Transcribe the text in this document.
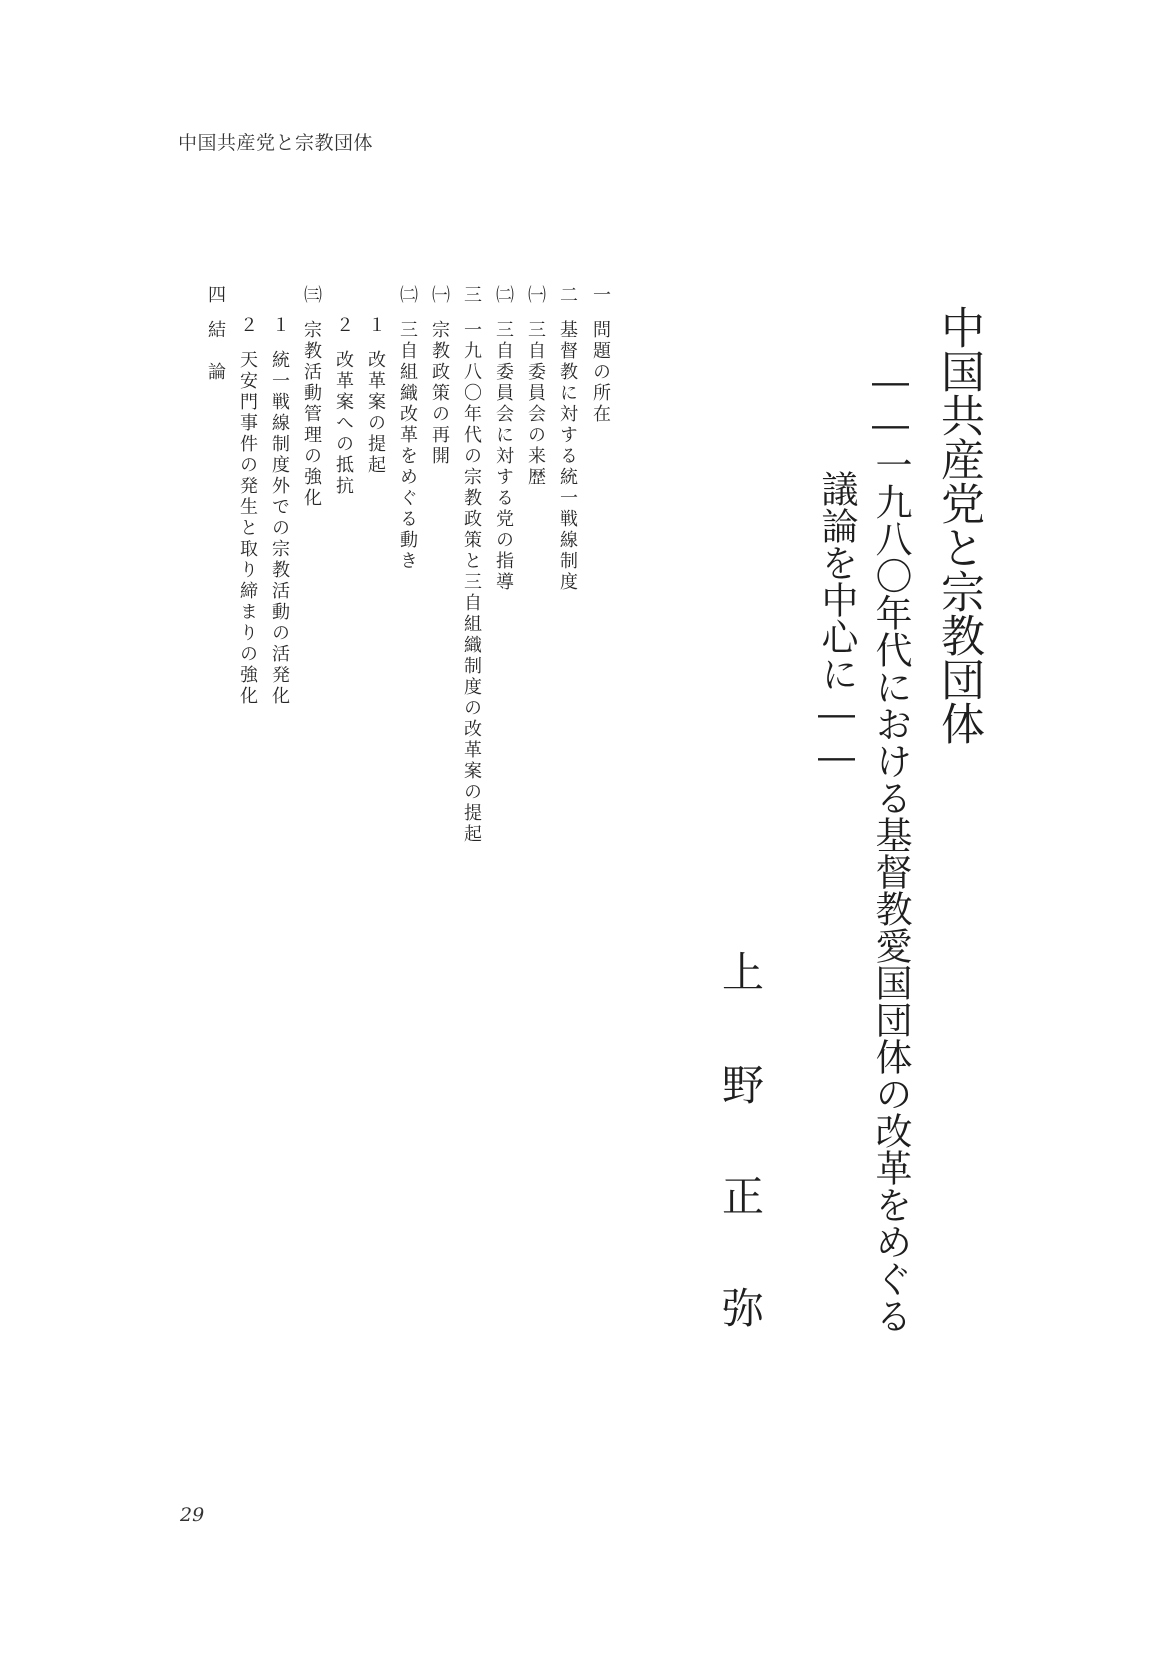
中国共産党と宗教団体
中国共産党と宗教団体
――一九八〇年代における基督教愛国団体の改革をめぐる
議論を中心に――
上
野
正
弥
一問題の所在
二基督教に対する統一戦線制度
㈠三自委員会の来歴
㈡三自委員会に対する党の指導
三一九八〇年代の宗教政策と三自組織制度の改革案の提起
㈠宗教政策の再開
㈡三自組織改革をめぐる動き
１改革案の提起
２改革案への抵抗
㈢宗教活動管理の強化
１統一戦線制度外での宗教活動の活発化
２天安門事件の発生と取り締まりの強化
四結　論
29
